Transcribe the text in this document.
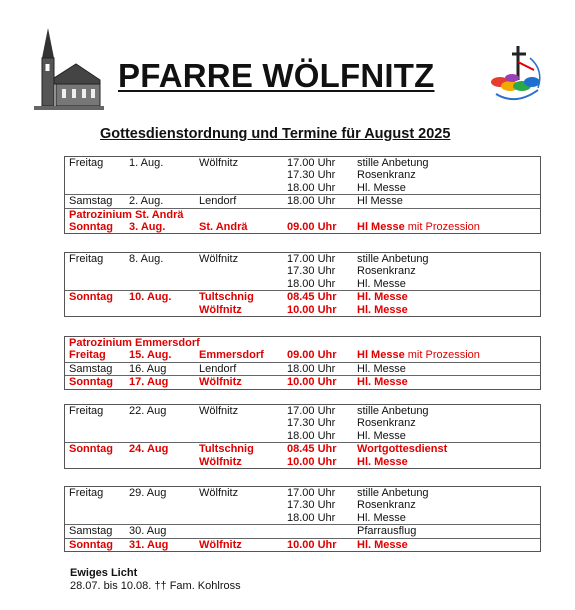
PFARRE WÖLFNITZ
Gottesdienstordnung und Termine für August 2025
Freitag 1. Aug.	Wölfnitz	17.00 Uhr stille Anbetung
17.30 Uhr Rosenkranz
18.00 Uhr Hl. Messe
Samstag 2. Aug.	Lendorf	18.00 Uhr Hl Messe
Patrozinium St. Andrä
Sonntag 3. Aug.	St. Andrä	09.00 Uhr Hl Messe mit Prozession
Freitag 8. Aug.	Wölfnitz	17.00 Uhr stille Anbetung
17.30 Uhr Rosenkranz
18.00 Uhr Hl. Messe
Sonntag 10. Aug.	Tultschnig	08.45 Uhr Hl. Messe
Wölfnitz	10.00 Uhr Hl. Messe
Patrozinium Emmersdorf
Freitag 15. Aug.	Emmersdorf 09.00 Uhr Hl Messe mit Prozession
Samstag 16. Aug	Lendorf	18.00 Uhr Hl. Messe
Sonntag 17. Aug	Wölfnitz	10.00 Uhr Hl. Messe
Freitag 22. Aug	Wölfnitz	17.00 Uhr stille Anbetung
17.30 Uhr Rosenkranz
18.00 Uhr Hl. Messe
Sonntag 24. Aug	Tultschnig	08.45 Uhr Wortgottesdienst
Wölfnitz	10.00 Uhr Hl. Messe
Freitag 29. Aug	Wölfnitz	17.00 Uhr stille Anbetung
17.30 Uhr Rosenkranz
18.00 Uhr Hl. Messe
Samstag 30. Aug	Pfarrausflug
Sonntag 31. Aug	Wölfnitz	10.00 Uhr Hl. Messe
Ewiges Licht
28.07. bis 10.08. †† Fam. Kohlross
